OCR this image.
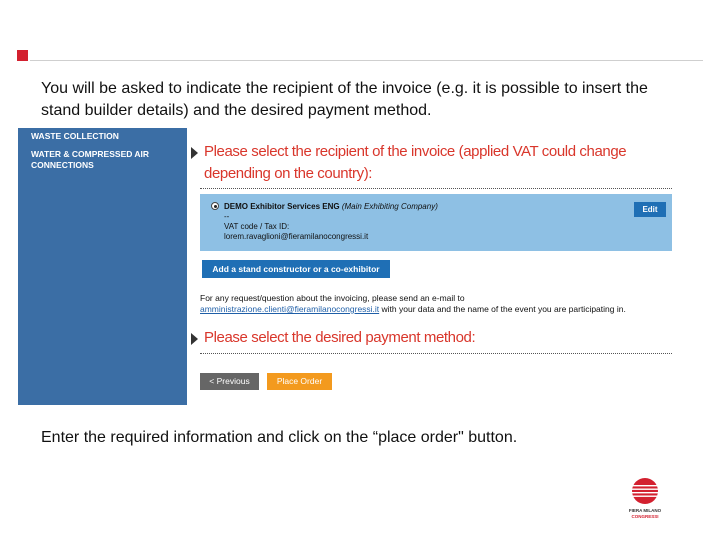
You will be asked to indicate the recipient of the invoice (e.g. it is possible to insert the stand builder details) and the desired payment method.
WASTE COLLECTION
WATER & COMPRESSED AIR CONNECTIONS
Please select the recipient of the invoice (applied VAT could change depending on the country):
DEMO Exhibitor Services ENG (Main Exhibiting Company)
--
VAT code / Tax ID:
lorem.ravaglioni@fieramilanocongressi.it
Edit
Add a stand constructor or a co-exhibitor
For any request/question about the invoicing, please send an e-mail to
amministrazione.clienti@fieramilanocongressi.it with your data and the name of the event you are participating in.
Please select the desired payment method:
< Previous	Place Order
Enter the required information and click on the “place order" button.
FIERA MILANO
CONGRESSI
